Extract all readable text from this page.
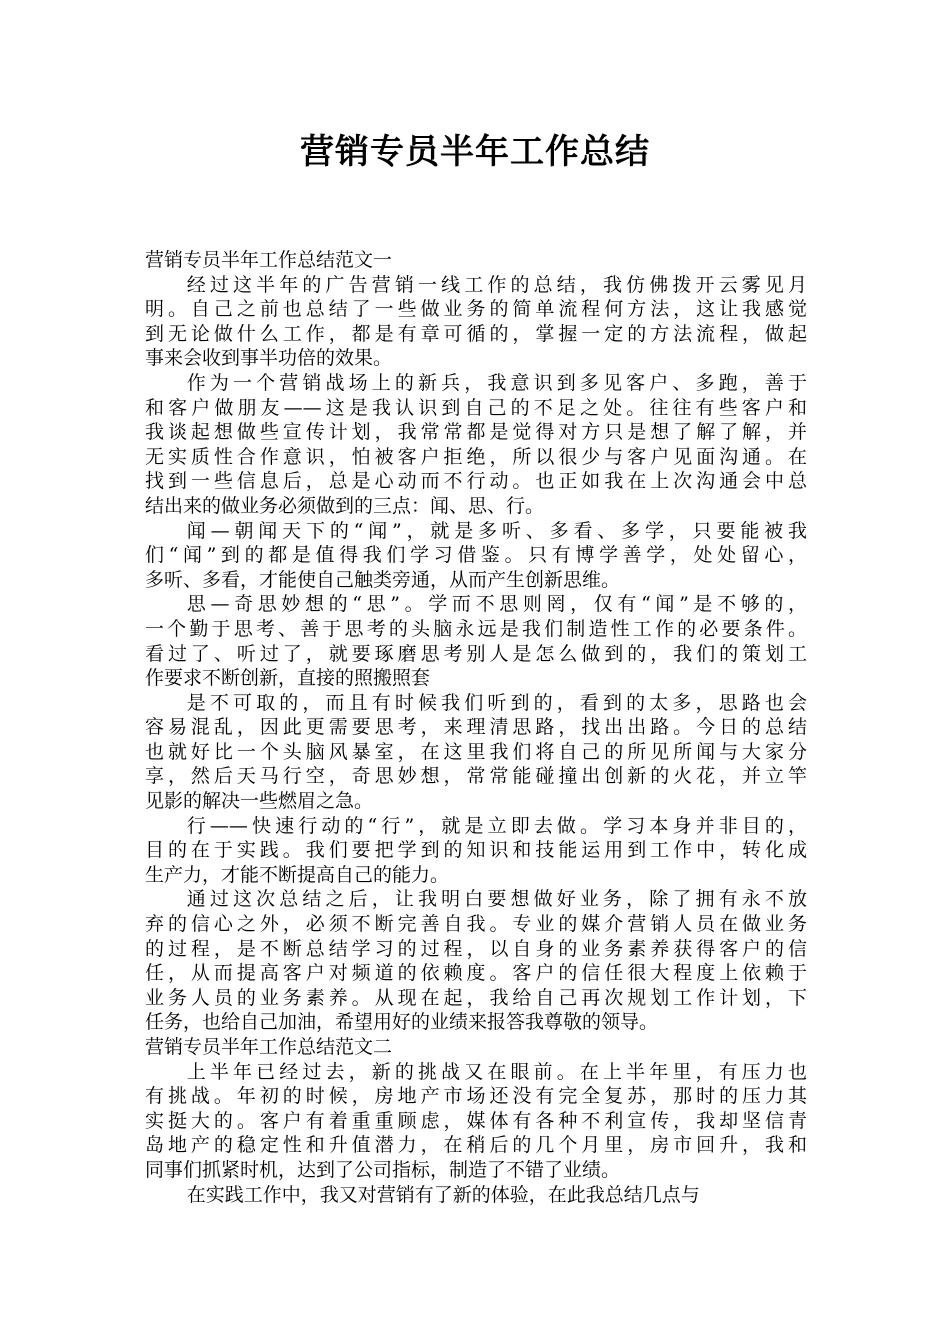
营销专员半年工作总结
营销专员半年工作总结范文一
经过这半年的广告营销一线工作的总结，我仿佛拨开云雾见月
明。自己之前也总结了一些做业务的简单流程何方法，这让我感觉
到无论做什么工作，都是有章可循的，掌握一定的方法流程，做起
事来会收到事半功倍的效果。
作为一个营销战场上的新兵，我意识到多见客户、多跑，善于
和客户做朋友——这是我认识到自己的不足之处。往往有些客户和
我谈起想做些宣传计划，我常常都是觉得对方只是想了解了解，并
无实质性合作意识，怕被客户拒绝，所以很少与客户见面沟通。在
找到一些信息后，总是心动而不行动。也正如我在上次沟通会中总
结出来的做业务必须做到的三点：闻、思、行。
闻—朝闻天下的“闻”，就是多听、多看、多学，只要能被我
们“闻”到的都是值得我们学习借鉴。只有博学善学，处处留心，
多听、多看，才能使自己触类旁通，从而产生创新思维。
思—奇思妙想的“思”。学而不思则罔，仅有“闻”是不够的，
一个勤于思考、善于思考的头脑永远是我们制造性工作的必要条件。
看过了、听过了，就要琢磨思考别人是怎么做到的，我们的策划工
作要求不断创新，直接的照搬照套
是不可取的，而且有时候我们听到的，看到的太多，思路也会
容易混乱，因此更需要思考，来理清思路，找出出路。今日的总结
也就好比一个头脑风暴室，在这里我们将自己的所见所闻与大家分
享，然后天马行空，奇思妙想，常常能碰撞出创新的火花，并立竿
见影的解决一些燃眉之急。
行——快速行动的“行”，就是立即去做。学习本身并非目的，
目的在于实践。我们要把学到的知识和技能运用到工作中，转化成
生产力，才能不断提高自己的能力。
通过这次总结之后，让我明白要想做好业务，除了拥有永不放
弃的信心之外，必须不断完善自我。专业的媒介营销人员在做业务
的过程，是不断总结学习的过程，以自身的业务素养获得客户的信
任，从而提高客户对频道的依赖度。客户的信任很大程度上依赖于
业务人员的业务素养。从现在起，我给自己再次规划工作计划，下
任务，也给自己加油，希望用好的业绩来报答我尊敬的领导。
营销专员半年工作总结范文二
上半年已经过去，新的挑战又在眼前。在上半年里，有压力也
有挑战。年初的时候，房地产市场还没有完全复苏，那时的压力其
实挺大的。客户有着重重顾虑，媒体有各种不利宣传，我却坚信青
岛地产的稳定性和升值潜力，在稍后的几个月里，房市回升，我和
同事们抓紧时机，达到了公司指标，制造了不错了业绩。
在实践工作中，我又对营销有了新的体验，在此我总结几点与
